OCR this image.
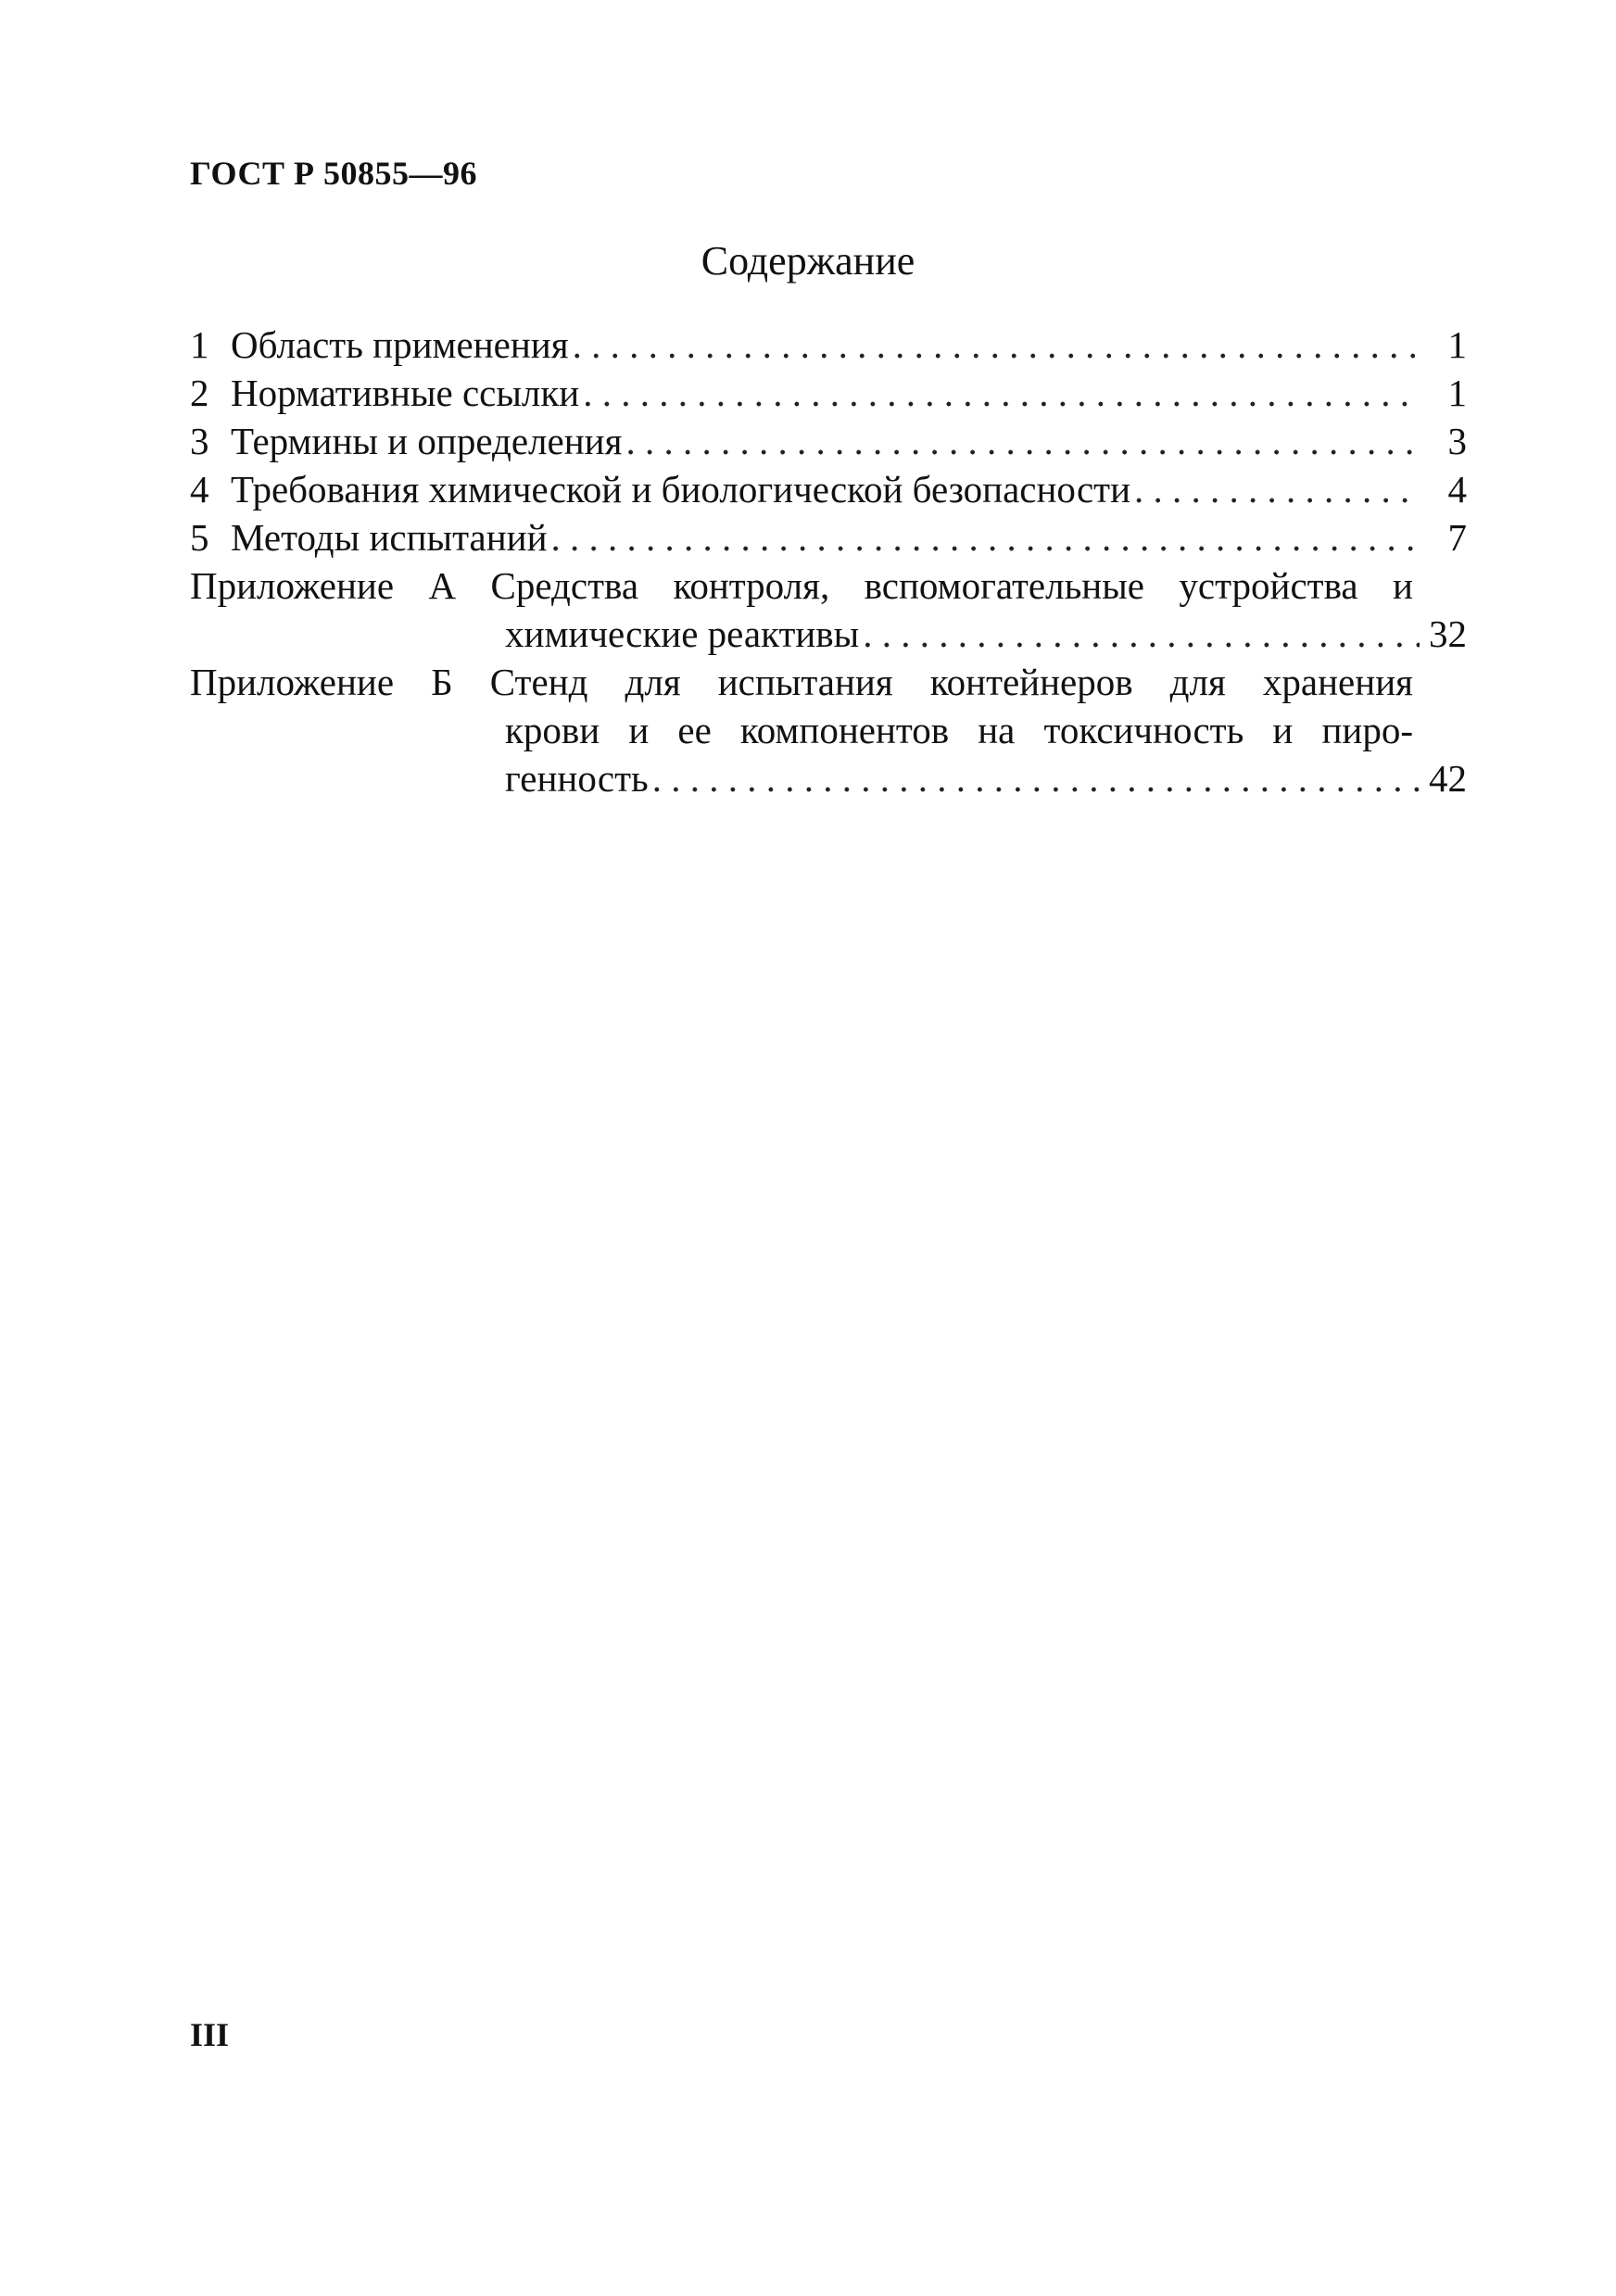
ГОСТ Р 50855—96
Содержание
1 Область применения . . .	1
2 Нормативные ссылки . . .	1
3 Термины и определения . . .	3
4 Требования химической и биологической безопасности . . .	4
5 Методы испытаний . . .	7
Приложение А Средства контроля, вспомогательные устройства и
химические реактивы . . .	32
Приложение Б Стенд для испытания контейнеров для хранения
крови и ее компонентов на токсичность и пиро-
генность . . .	42
III
